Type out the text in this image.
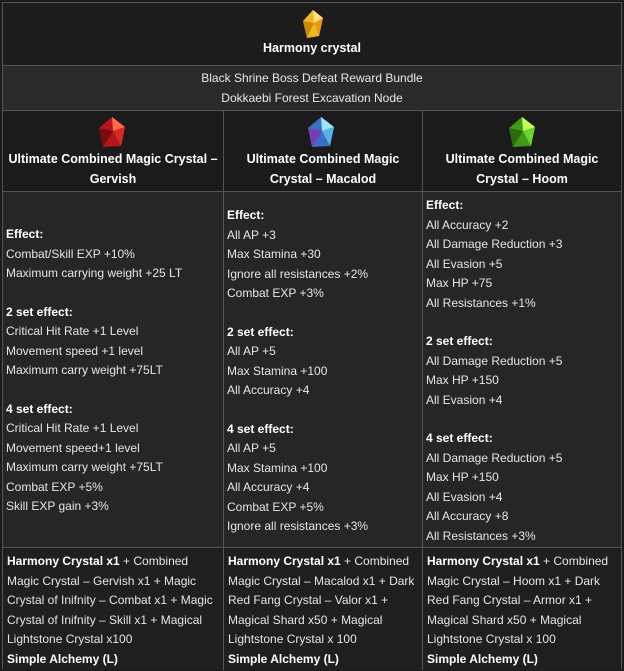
Harmony crystal
Black Shrine Boss Defeat Reward Bundle
Dokkaebi Forest Excavation Node
Ultimate Combined Magic Crystal – Gervish
Ultimate Combined Magic Crystal – Macalod
Ultimate Combined Magic Crystal – Hoom
Effect:
Combat/Skill EXP +10%
Maximum carrying weight +25 LT
2 set effect:
Critical Hit Rate +1 Level
Movement speed +1 level
Maximum carry weight +75LT
4 set effect:
Critical Hit Rate +1 Level
Movement speed+1 level
Maximum carry weight +75LT
Combat EXP +5%
Skill EXP gain +3%
Effect:
All AP +3
Max Stamina +30
Ignore all resistances +2%
Combat EXP +3%
2 set effect:
All AP +5
Max Stamina +100
All Accuracy +4
4 set effect:
All AP +5
Max Stamina +100
All Accuracy +4
Combat EXP +5%
Ignore all resistances +3%
Effect:
All Accuracy +2
All Damage Reduction +3
All Evasion +5
Max HP +75
All Resistances +1%
2 set effect:
All Damage Reduction +5
Max HP +150
All Evasion +4
4 set effect:
All Damage Reduction +5
Max HP +150
All Evasion +4
All Accuracy +8
All Resistances +3%
Harmony Crystal x1 + Combined
Magic Crystal – Gervish x1 + Magic
Crystal of Inifnity – Combat x1 + Magic
Crystal of Inifnity – Skill x1 + Magical
Lightstone Crystal x100
Simple Alchemy (L)
Harmony Crystal x1 + Combined
Magic Crystal – Macalod x1 + Dark
Red Fang Crystal – Valor x1 +
Magical Shard x50 + Magical
Lightstone Crystal x 100
Simple Alchemy (L)
Harmony Crystal x1 + Combined
Magic Crystal – Hoom x1 + Dark
Red Fang Crystal – Armor x1 +
Magical Shard x50 + Magical
Lightstone Crystal x 100
Simple Alchemy (L)
